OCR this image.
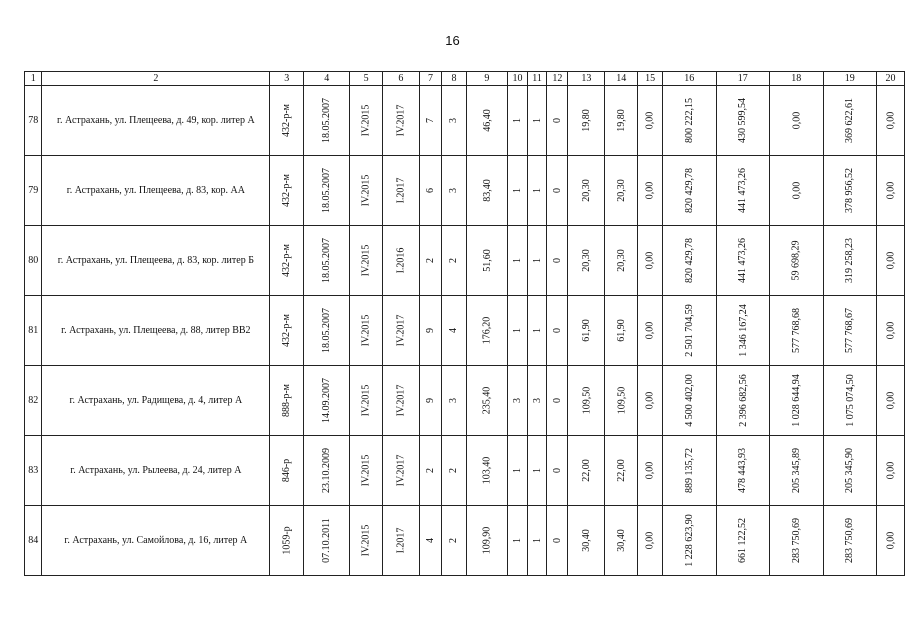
16
1	2	3	4	5	6	7	8	9	10	11	12	13	14	15	16	17	18	19	20
78	г. Астрахань, ул. Плещеева, д. 49, кор. литер А	432-р-м	18.05.2007	IV.2015	IV.2017	7	3	46,40	1	1	0	19,80	19,80	0,00	800 222,15	430 599,54	0,00	369 622,61	0,00
79	г. Астрахань, ул. Плещеева, д. 83, кор. АА	432-р-м	18.05.2007	IV.2015	I.2017	6	3	83,40	1	1	0	20,30	20,30	0,00	820 429,78	441 473,26	0,00	378 956,52	0,00
80	г. Астрахань, ул. Плещеева, д. 83, кор. литер Б	432-р-м	18.05.2007	IV.2015	I.2016	2	2	51,60	1	1	0	20,30	20,30	0,00	820 429,78	441 473,26	59 698,29	319 258,23	0,00
81	г. Астрахань, ул. Плещеева, д. 88, литер ВВ2	432-р-м	18.05.2007	IV.2015	IV.2017	9	4	176,20	1	1	0	61,90	61,90	0,00	2 501 704,59	1 346 167,24	577 768,68	577 768,67	0,00
82	г. Астрахань, ул. Радищева, д. 4, литер А	888-р-м	14.09.2007	IV.2015	IV.2017	9	3	235,40	3	3	0	109,50	109,50	0,00	4 500 402,00	2 396 682,56	1 028 644,94	1 075 074,50	0,00
83	г. Астрахань, ул. Рылеева, д. 24, литер А	846-р	23.10.2009	IV.2015	IV.2017	2	2	103,40	1	1	0	22,00	22,00	0,00	889 135,72	478 443,93	205 345,89	205 345,90	0,00
84	г. Астрахань, ул. Самойлова, д. 16, литер А	1059-р	07.10.2011	IV.2015	I.2017	4	2	109,90	1	1	0	30,40	30,40	0,00	1 228 623,90	661 122,52	283 750,69	283 750,69	0,00
